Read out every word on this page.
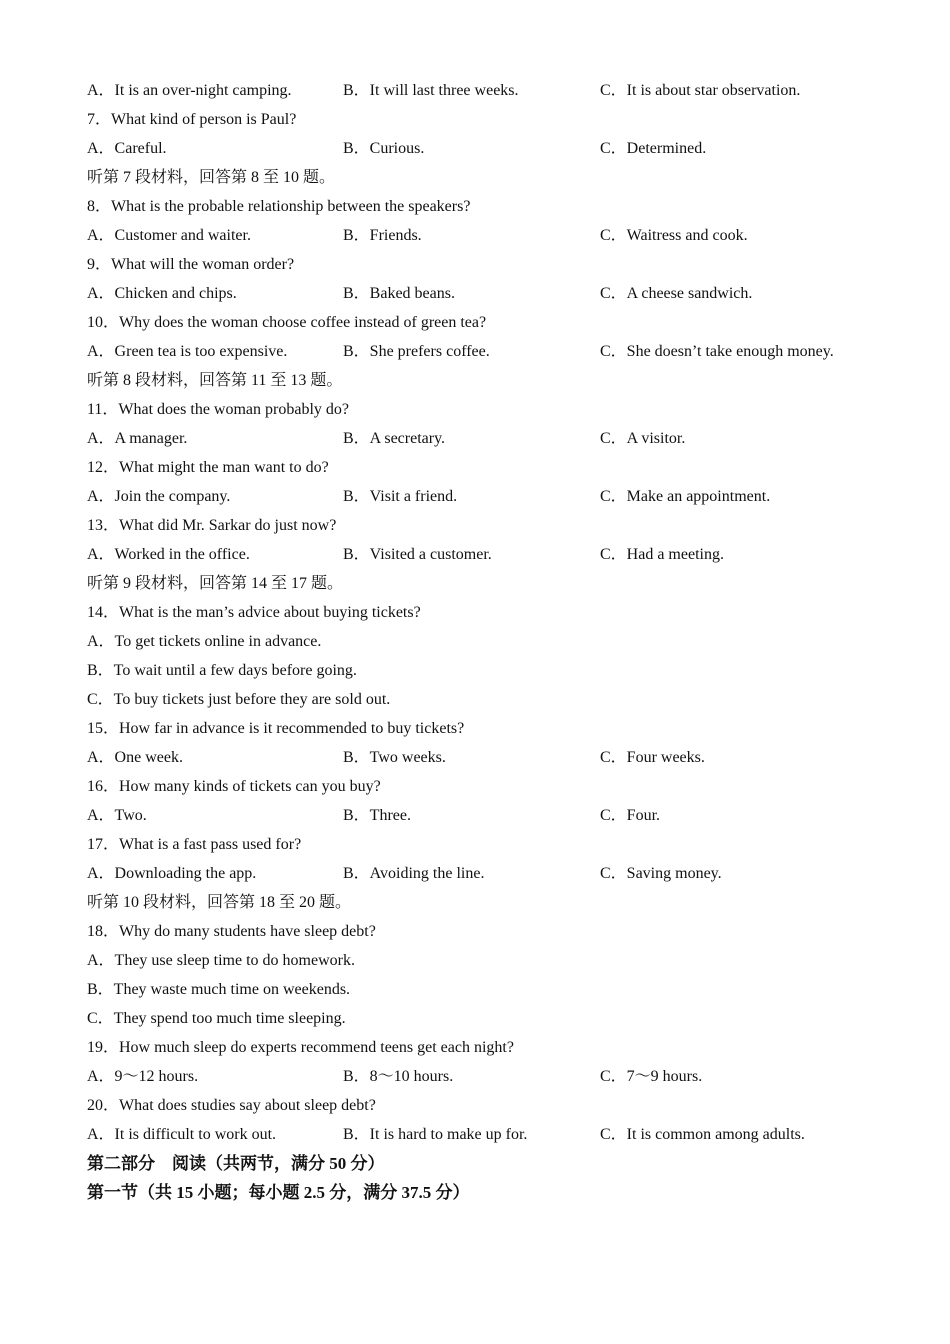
A．It is an over-night camping.	B．It will last three weeks.	C．It is about star observation.
7．What kind of person is Paul?
A．Careful.	B．Curious.	C．Determined.
听第 7 段材料，回答第 8 至 10 题。
8．What is the probable relationship between the speakers?
A．Customer and waiter.	B．Friends.	C．Waitress and cook.
9．What will the woman order?
A．Chicken and chips.	B．Baked beans.	C．A cheese sandwich.
10．Why does the woman choose coffee instead of green tea?
A．Green tea is too expensive.	B．She prefers coffee.	C．She doesn’t take enough money.
听第 8 段材料，回答第 11 至 13 题。
11．What does the woman probably do?
A．A manager.	B．A secretary.	C．A visitor.
12．What might the man want to do?
A．Join the company.	B．Visit a friend.	C．Make an appointment.
13．What did Mr. Sarkar do just now?
A．Worked in the office.	B．Visited a customer.	C．Had a meeting.
听第 9 段材料，回答第 14 至 17 题。
14．What is the man’s advice about buying tickets?
A．To get tickets online in advance.
B．To wait until a few days before going.
C．To buy tickets just before they are sold out.
15．How far in advance is it recommended to buy tickets?
A．One week.	B．Two weeks.	C．Four weeks.
16．How many kinds of tickets can you buy?
A．Two.	B．Three.	C．Four.
17．What is a fast pass used for?
A．Downloading the app.	B．Avoiding the line.	C．Saving money.
听第 10 段材料，回答第 18 至 20 题。
18．Why do many students have sleep debt?
A．They use sleep time to do homework.
B．They waste much time on weekends.
C．They spend too much time sleeping.
19．How much sleep do experts recommend teens get each night?
A．9～12 hours.	B．8～10 hours.	C．7～9 hours.
20．What does studies say about sleep debt?
A．It is difficult to work out.	B．It is hard to make up for.	C．It is common among adults.
第二部分　阅读（共两节，满分 50 分）
第一节（共 15 小题；每小题 2.5 分，满分 37.5 分）
